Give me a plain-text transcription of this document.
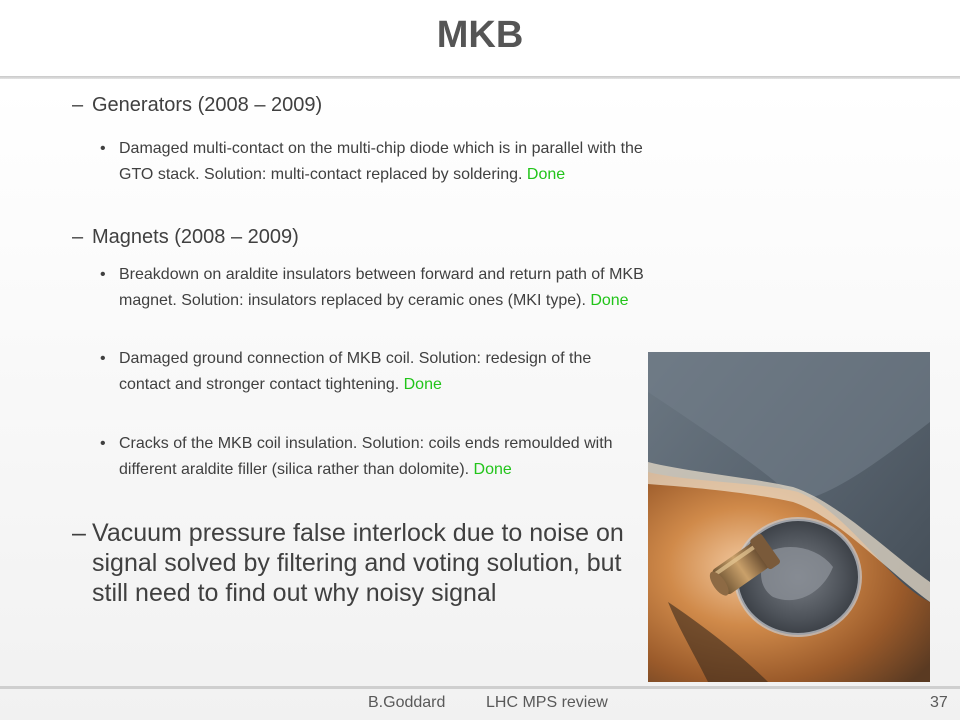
MKB
– Generators (2008 – 2009)
• Damaged multi-contact on the multi-chip diode which is in parallel with the GTO stack. Solution: multi-contact replaced by soldering. Done
– Magnets (2008 – 2009)
• Breakdown on araldite insulators between forward and return path of MKB magnet. Solution: insulators replaced by ceramic ones (MKI type). Done
• Damaged ground connection of MKB coil. Solution: redesign of the contact and stronger contact tightening. Done
• Cracks of the MKB coil insulation. Solution: coils ends remoulded with different araldite filler (silica rather than dolomite). Done
– Vacuum pressure false interlock due to noise on signal solved by filtering and voting solution, but still need to find out why noisy signal
B.Goddard	LHC MPS review	37
